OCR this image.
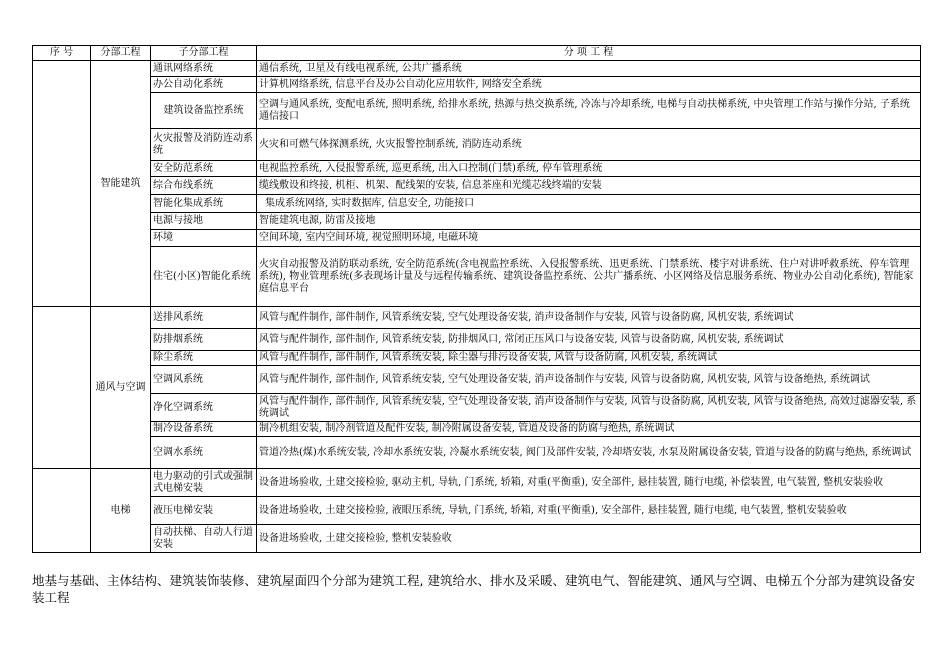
序 号	分部工程	子分部工程	分 项 工 程
	智能建筑	通讯网络系统	通信系统, 卫星及有线电视系统, 公共广播系统
		办公自动化系统	计算机网络系统, 信息平台及办公自动化应用软件, 网络安全系统
		建筑设备监控系统	空调与通风系统, 变配电系统, 照明系统, 给排水系统, 热源与热交换系统, 冷冻与冷却系统, 电梯与自动扶梯系统, 中央管理工作站与操作分站, 子系统通信接口
		火灾报警及消防连动系统	火灾和可燃气体探测系统, 火灾报警控制系统, 消防连动系统
		安全防范系统	电视监控系统, 入侵报警系统, 巡更系统, 出入口控制(门禁)系统, 停车管理系统
		综合布线系统	缆线敷设和终接, 机柜、机架、配线架的安装, 信息茶座和光缆芯线终端的安装
		智能化集成系统	集成系统网络, 实时数据库, 信息安全, 功能接口
		电源与接地	智能建筑电源, 防雷及接地
		环境	空间环境, 室内空间环境, 视觉照明环境, 电磁环境
		住宅(小区)智能化系统	火灾自动报警及消防联动系统, 安全防范系统(含电视监控系统、入侵报警系统、迅更系统、门禁系统、楼宇对讲系统、住户对讲呼救系统、停车管理系统), 物业管理系统(多表现场计量及与远程传输系统、建筑设备监控系统、公共广播系统、小区网络及信息服务系统、物业办公自动化系统), 智能家庭信息平台
	通风与空调	送排风系统	风管与配件制作, 部件制作, 风管系统安装, 空气处理设备安装, 消声设备制作与安装, 风管与设备防腐, 风机安装, 系统调试
		防排烟系统	风管与配件制作, 部件制作, 风管系统安装, 防排烟风口, 常闭正压风口与设备安装, 风管与设备防腐, 风机安装, 系统调试
		除尘系统	风管与配件制作, 部件制作, 风管系统安装, 除尘器与排污设备安装, 风管与设备防腐, 风机安装, 系统调试
		空调风系统	风管与配件制作, 部件制作, 风管系统安装, 空气处理设备安装, 消声设备制作与安装, 风管与设备防腐, 风机安装, 风管与设备绝热, 系统调试
		净化空调系统	风管与配件制作, 部件制作, 风管系统安装, 空气处理设备安装, 消声设备制作与安装, 风管与设备防腐, 风机安装, 风管与设备绝热, 高效过滤器安装, 系统调试
		制冷设备系统	制冷机组安装, 制冷剂管道及配件安装, 制冷附属设备安装, 管道及设备的防腐与绝热, 系统调试
		空调水系统	管道冷热(煤)水系统安装, 冷却水系统安装, 冷凝水系统安装, 阀门及部件安装, 冷却塔安装, 水泵及附属设备安装, 管道与设备的防腐与绝热, 系统调试
	电梯	电力驱动的引式或强制式电梯安装	设备进场验收, 土建交接检验, 驱动主机, 导轨, 门系统, 轿箱, 对重(平衡重), 安全部件, 悬挂装置, 随行电缆, 补偿装置, 电气装置, 整机安装验收
		液压电梯安装	设备进场验收, 土建交接检验, 液眼压系统, 导轨, 门系统, 轿箱, 对重(平衡重), 安全部件, 悬挂装置, 随行电缆, 电气装置, 整机安装验收
		自动扶梯、自动人行道安装	设备进场验收, 土建交接检验, 整机安装验收
地基与基础、主体结构、建筑装饰装修、建筑屋面四个分部为建筑工程, 建筑给水、排水及采暖、建筑电气、智能建筑、通风与空调、电梯五个分部为建筑设备安装工程
